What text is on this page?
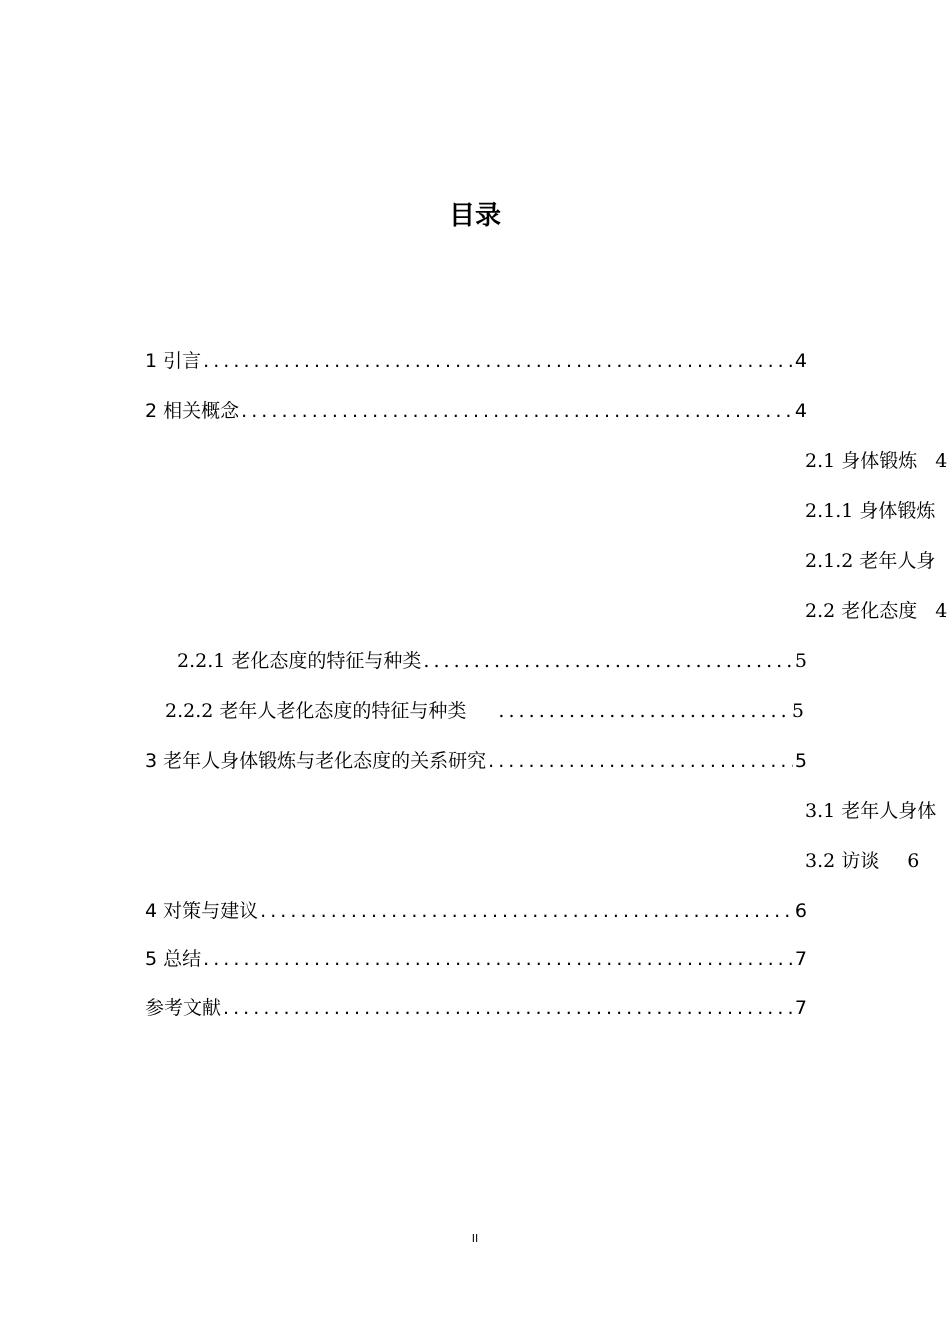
目录
1 引言 . . .	4
2 相关概念 . . .	4
2.1 身体锻炼 4
2.1.1 身体锻炼
2.1.2 老年人身
2.2 老化态度 4
2.2.1 老化态度的特征与种类 . . .	5
2.2.2 老年人老化态度的特征与种类 . . .	5
3 老年人身体锻炼与老化态度的关系研究 . . .	5
3.1 老年人身体
3.2 访谈 6
4 对策与建议 . . .	6
5 总结 . . .	7
参考文献 . . .	7
II
